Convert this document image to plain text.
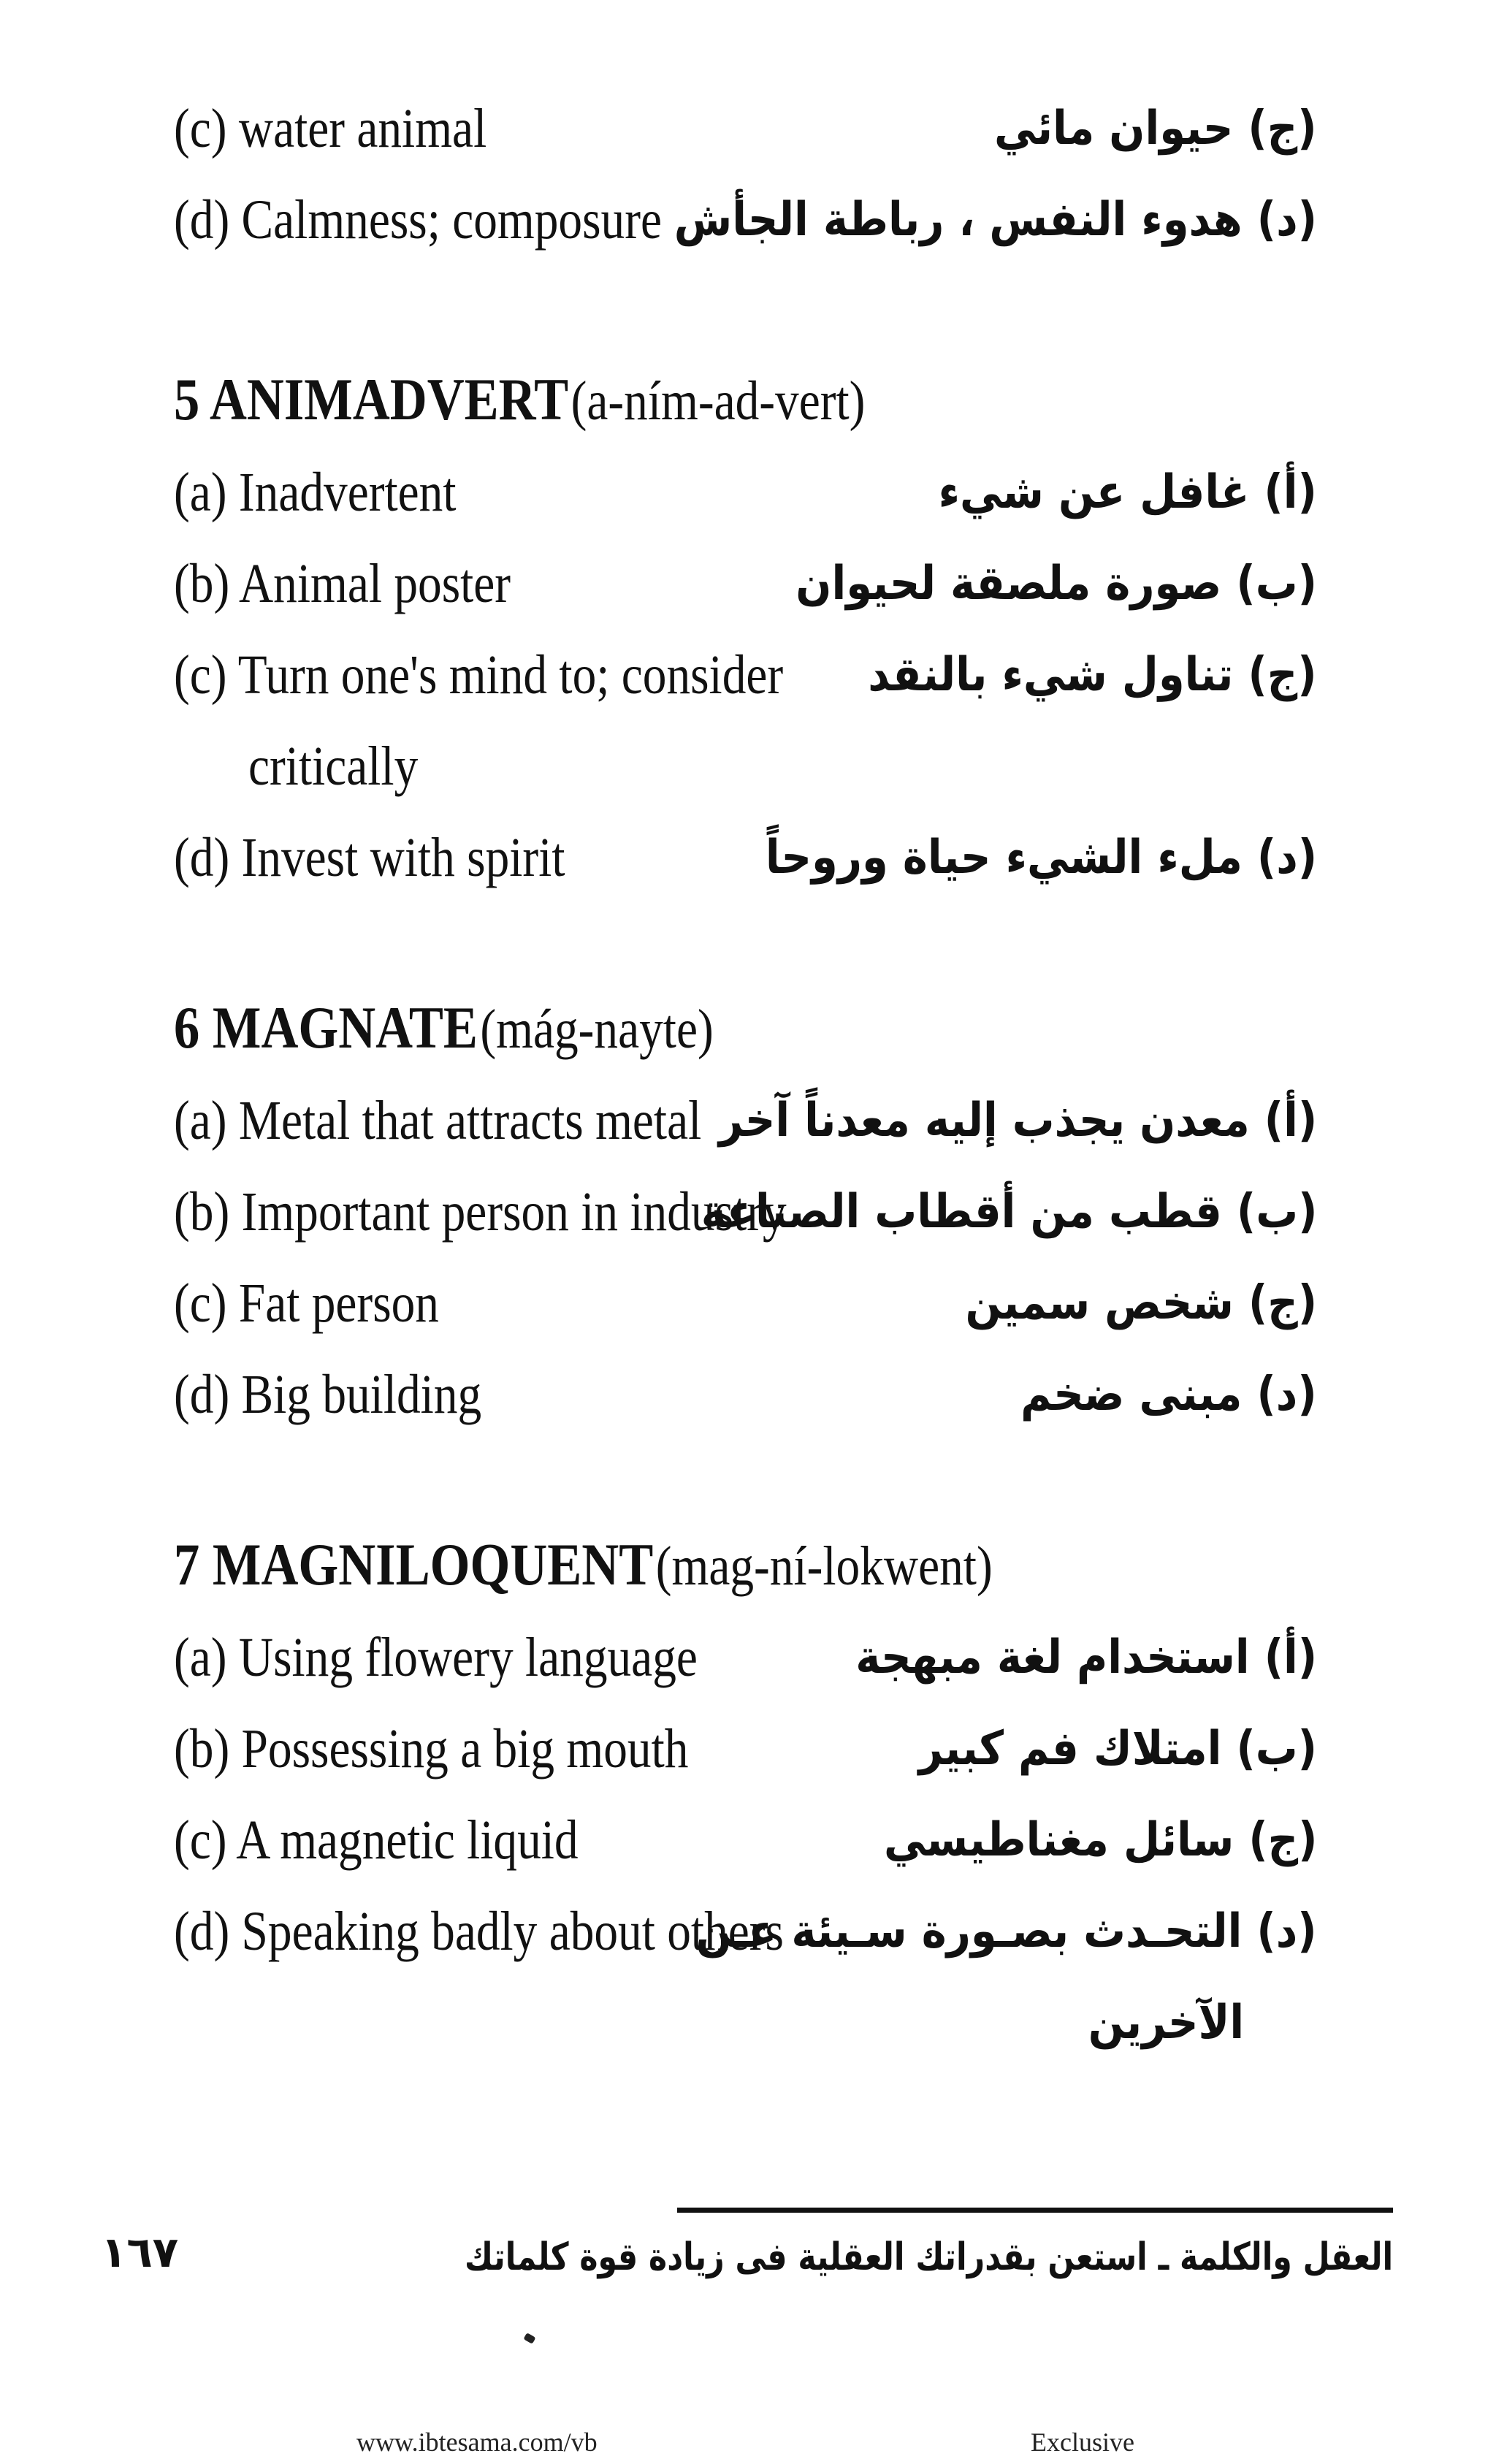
(c) water animal	(ج) حيوان مائي
(d) Calmness; composure (د) هدوء النفس ، رباطة الجأش
5 ANIMADVERT (a-ním-ad-vert)
(a) Inadvertent	(أ) غافل عن شيء
(b) Animal poster	(ب) صورة ملصقة لحيوان
(c) Turn one's mind to; consider (ج) تناول شيء بالنقد
critically
(d) Invest with spirit	(د) ملء الشيء حياة وروحاً
6 MAGNATE (mág-nayte)
(a) Metal that attracts metal (أ) معدن يجذب إليه معدناً آخر
(b) Important person in industry
(ب) قطب من أقطاب الصناعة
(c) Fat person	(ج) شخص سمين
(d) Big building	(د) مبنى ضخم
7 MAGNILOQUENT (mag-ní-lokwent)
(a) Using flowery language	(أ) استخدام لغة مبهجة
(b) Possessing a big mouth	(ب) امتلاك فم كبير
(c) A magnetic liquid	(ج) سائل مغناطيسي
(d) Speaking badly about others
(د) التحـدث بصـورة سـيئة عـن
الآخرين
١٦٧	العقل والكلمة ـ استعن بقدراتك العقلية فى زيادة قوة كلماتك
www.ibtesama.com/vb	Exclusive
